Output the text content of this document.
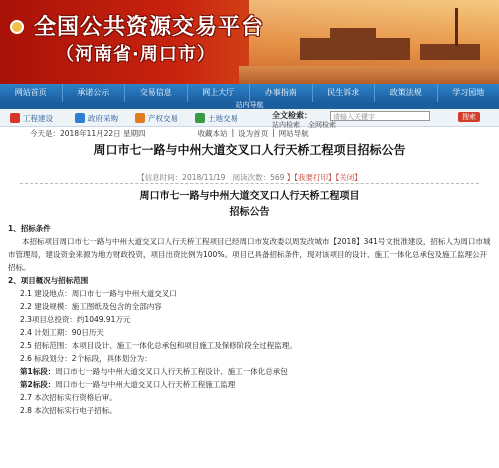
全国公共资源交易平台
（河南省·周口市）
网站首页	承诺公示	交易信息	网上大厅	办事指南	民生诉求	政策法规	学习园地
站内导航
工程建设	政府采购	产权交易	土地交易	全文检索：	请输入关键字	搜索
站内检索 全网检索
今天是：2018年11月22日 星期四	收藏本站 | 设为首页 | 网站导航
周口市七一路与中州大道交叉口人行天桥工程项目招标公告
【信息时间：2018/11/19 阅读次数：569 】【我要打印】【关闭】
周口市七一路与中州大道交叉口人行天桥工程项目
招标公告
1、招标条件
本招标项目周口市七一路与中州大道交叉口人行天桥工程项目已经周口市发改委以周发改城市【2018】341号文批准建设，招标人为周口市城市管理局，建设资金来源为地方财政投资，项目出资比例为100%。项目已具备招标条件，现对该项目的设计、施工一体化总承包及施工监理公开招标。
2、项目概况与招标范围
2.1 建设地点：周口市七一路与中州大道交叉口
2.2 建设规模：施工图纸及包含的全部内容
2.3项目总投资：约1049.91万元
2.4 计划工期：90日历天
2.5 招标范围：本项目设计、施工一体化总承包和项目施工及保修阶段全过程监理。
2.6 标段划分：2个标段，具体划分为：
第1标段：周口市七一路与中州大道交叉口人行天桥工程设计、施工一体化总承包
第2标段：周口市七一路与中州大道交叉口人行天桥工程施工监理
2.7 本次招标实行资格后审。
2.8 本次招标实行电子招标。
